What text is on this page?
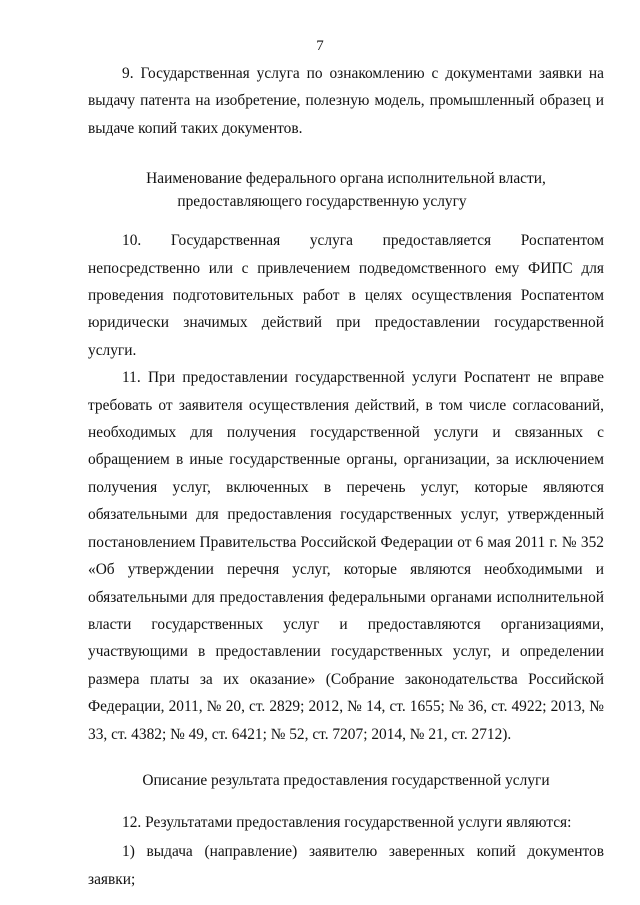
7

9. Государственная услуга по ознакомлению с документами заявки на выдачу патента на изобретение, полезную модель, промышленный образец и выдаче копий таких документов.

Наименование федерального органа исполнительной власти,
предоставляющего государственную услугу

10. Государственная услуга предоставляется Роспатентом непосредственно или с привлечением подведомственного ему ФИПС для проведения подготовительных работ в целях осуществления Роспатентом юридически значимых действий при предоставлении государственной услуги.

11. При предоставлении государственной услуги Роспатент не вправе требовать от заявителя осуществления действий, в том числе согласований, необходимых для получения государственной услуги и связанных с обращением в иные государственные органы, организации, за исключением получения услуг, включенных в перечень услуг, которые являются обязательными для предоставления государственных услуг, утвержденный постановлением Правительства Российской Федерации от 6 мая 2011 г. № 352 «Об утверждении перечня услуг, которые являются необходимыми и обязательными для предоставления федеральными органами исполнительной власти государственных услуг и предоставляются организациями, участвующими в предоставлении государственных услуг, и определении размера платы за их оказание» (Собрание законодательства Российской Федерации, 2011, № 20, ст. 2829; 2012, № 14, ст. 1655; № 36, ст. 4922; 2013, № 33, ст. 4382; № 49, ст. 6421; № 52, ст. 7207; 2014, № 21, ст. 2712).

Описание результата предоставления государственной услуги

12. Результатами предоставления государственной услуги являются:

1) выдача (направление) заявителю заверенных копий документов заявки;
